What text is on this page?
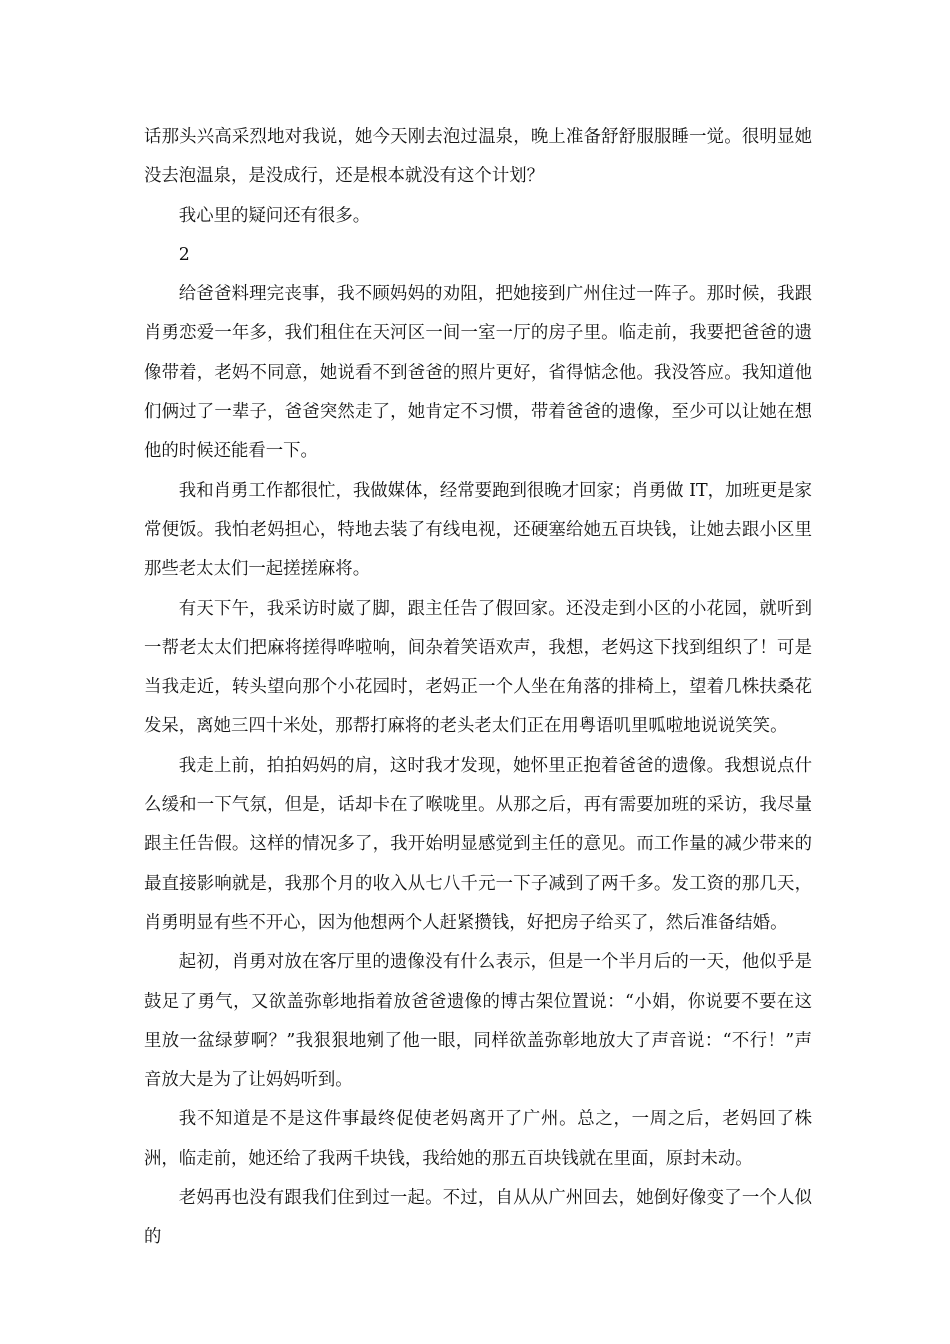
话那头兴高采烈地对我说，她今天刚去泡过温泉，晚上准备舒舒服服睡一觉。很明显她没去泡温泉，是没成行，还是根本就没有这个计划？

我心里的疑问还有很多。

2

给爸爸料理完丧事，我不顾妈妈的劝阻，把她接到广州住过一阵子。那时候，我跟肖勇恋爱一年多，我们租住在天河区一间一室一厅的房子里。临走前，我要把爸爸的遗像带着，老妈不同意，她说看不到爸爸的照片更好，省得惦念他。我没答应。我知道他们俩过了一辈子，爸爸突然走了，她肯定不习惯，带着爸爸的遗像，至少可以让她在想他的时候还能看一下。

我和肖勇工作都很忙，我做媒体，经常要跑到很晚才回家；肖勇做 IT，加班更是家常便饭。我怕老妈担心，特地去装了有线电视，还硬塞给她五百块钱，让她去跟小区里那些老太太们一起搓搓麻将。

有天下午，我采访时崴了脚，跟主任告了假回家。还没走到小区的小花园，就听到一帮老太太们把麻将搓得哗啦响，间杂着笑语欢声，我想，老妈这下找到组织了！可是当我走近，转头望向那个小花园时，老妈正一个人坐在角落的排椅上，望着几株扶桑花发呆，离她三四十米处，那帮打麻将的老头老太们正在用粤语叽里呱啦地说说笑笑。

我走上前，拍拍妈妈的肩，这时我才发现，她怀里正抱着爸爸的遗像。我想说点什么缓和一下气氛，但是，话却卡在了喉咙里。从那之后，再有需要加班的采访，我尽量跟主任告假。这样的情况多了，我开始明显感觉到主任的意见。而工作量的减少带来的最直接影响就是，我那个月的收入从七八千元一下子减到了两千多。发工资的那几天，肖勇明显有些不开心，因为他想两个人赶紧攒钱，好把房子给买了，然后准备结婚。

起初，肖勇对放在客厅里的遗像没有什么表示，但是一个半月后的一天，他似乎是鼓足了勇气，又欲盖弥彰地指着放爸爸遗像的博古架位置说：“小娟，你说要不要在这里放一盆绿萝啊？”我狠狠地剜了他一眼，同样欲盖弥彰地放大了声音说：“不行！”声音放大是为了让妈妈听到。

我不知道是不是这件事最终促使老妈离开了广州。总之，一周之后，老妈回了株洲，临走前，她还给了我两千块钱，我给她的那五百块钱就在里面，原封未动。

老妈再也没有跟我们住到过一起。不过，自从从广州回去，她倒好像变了一个人似的
